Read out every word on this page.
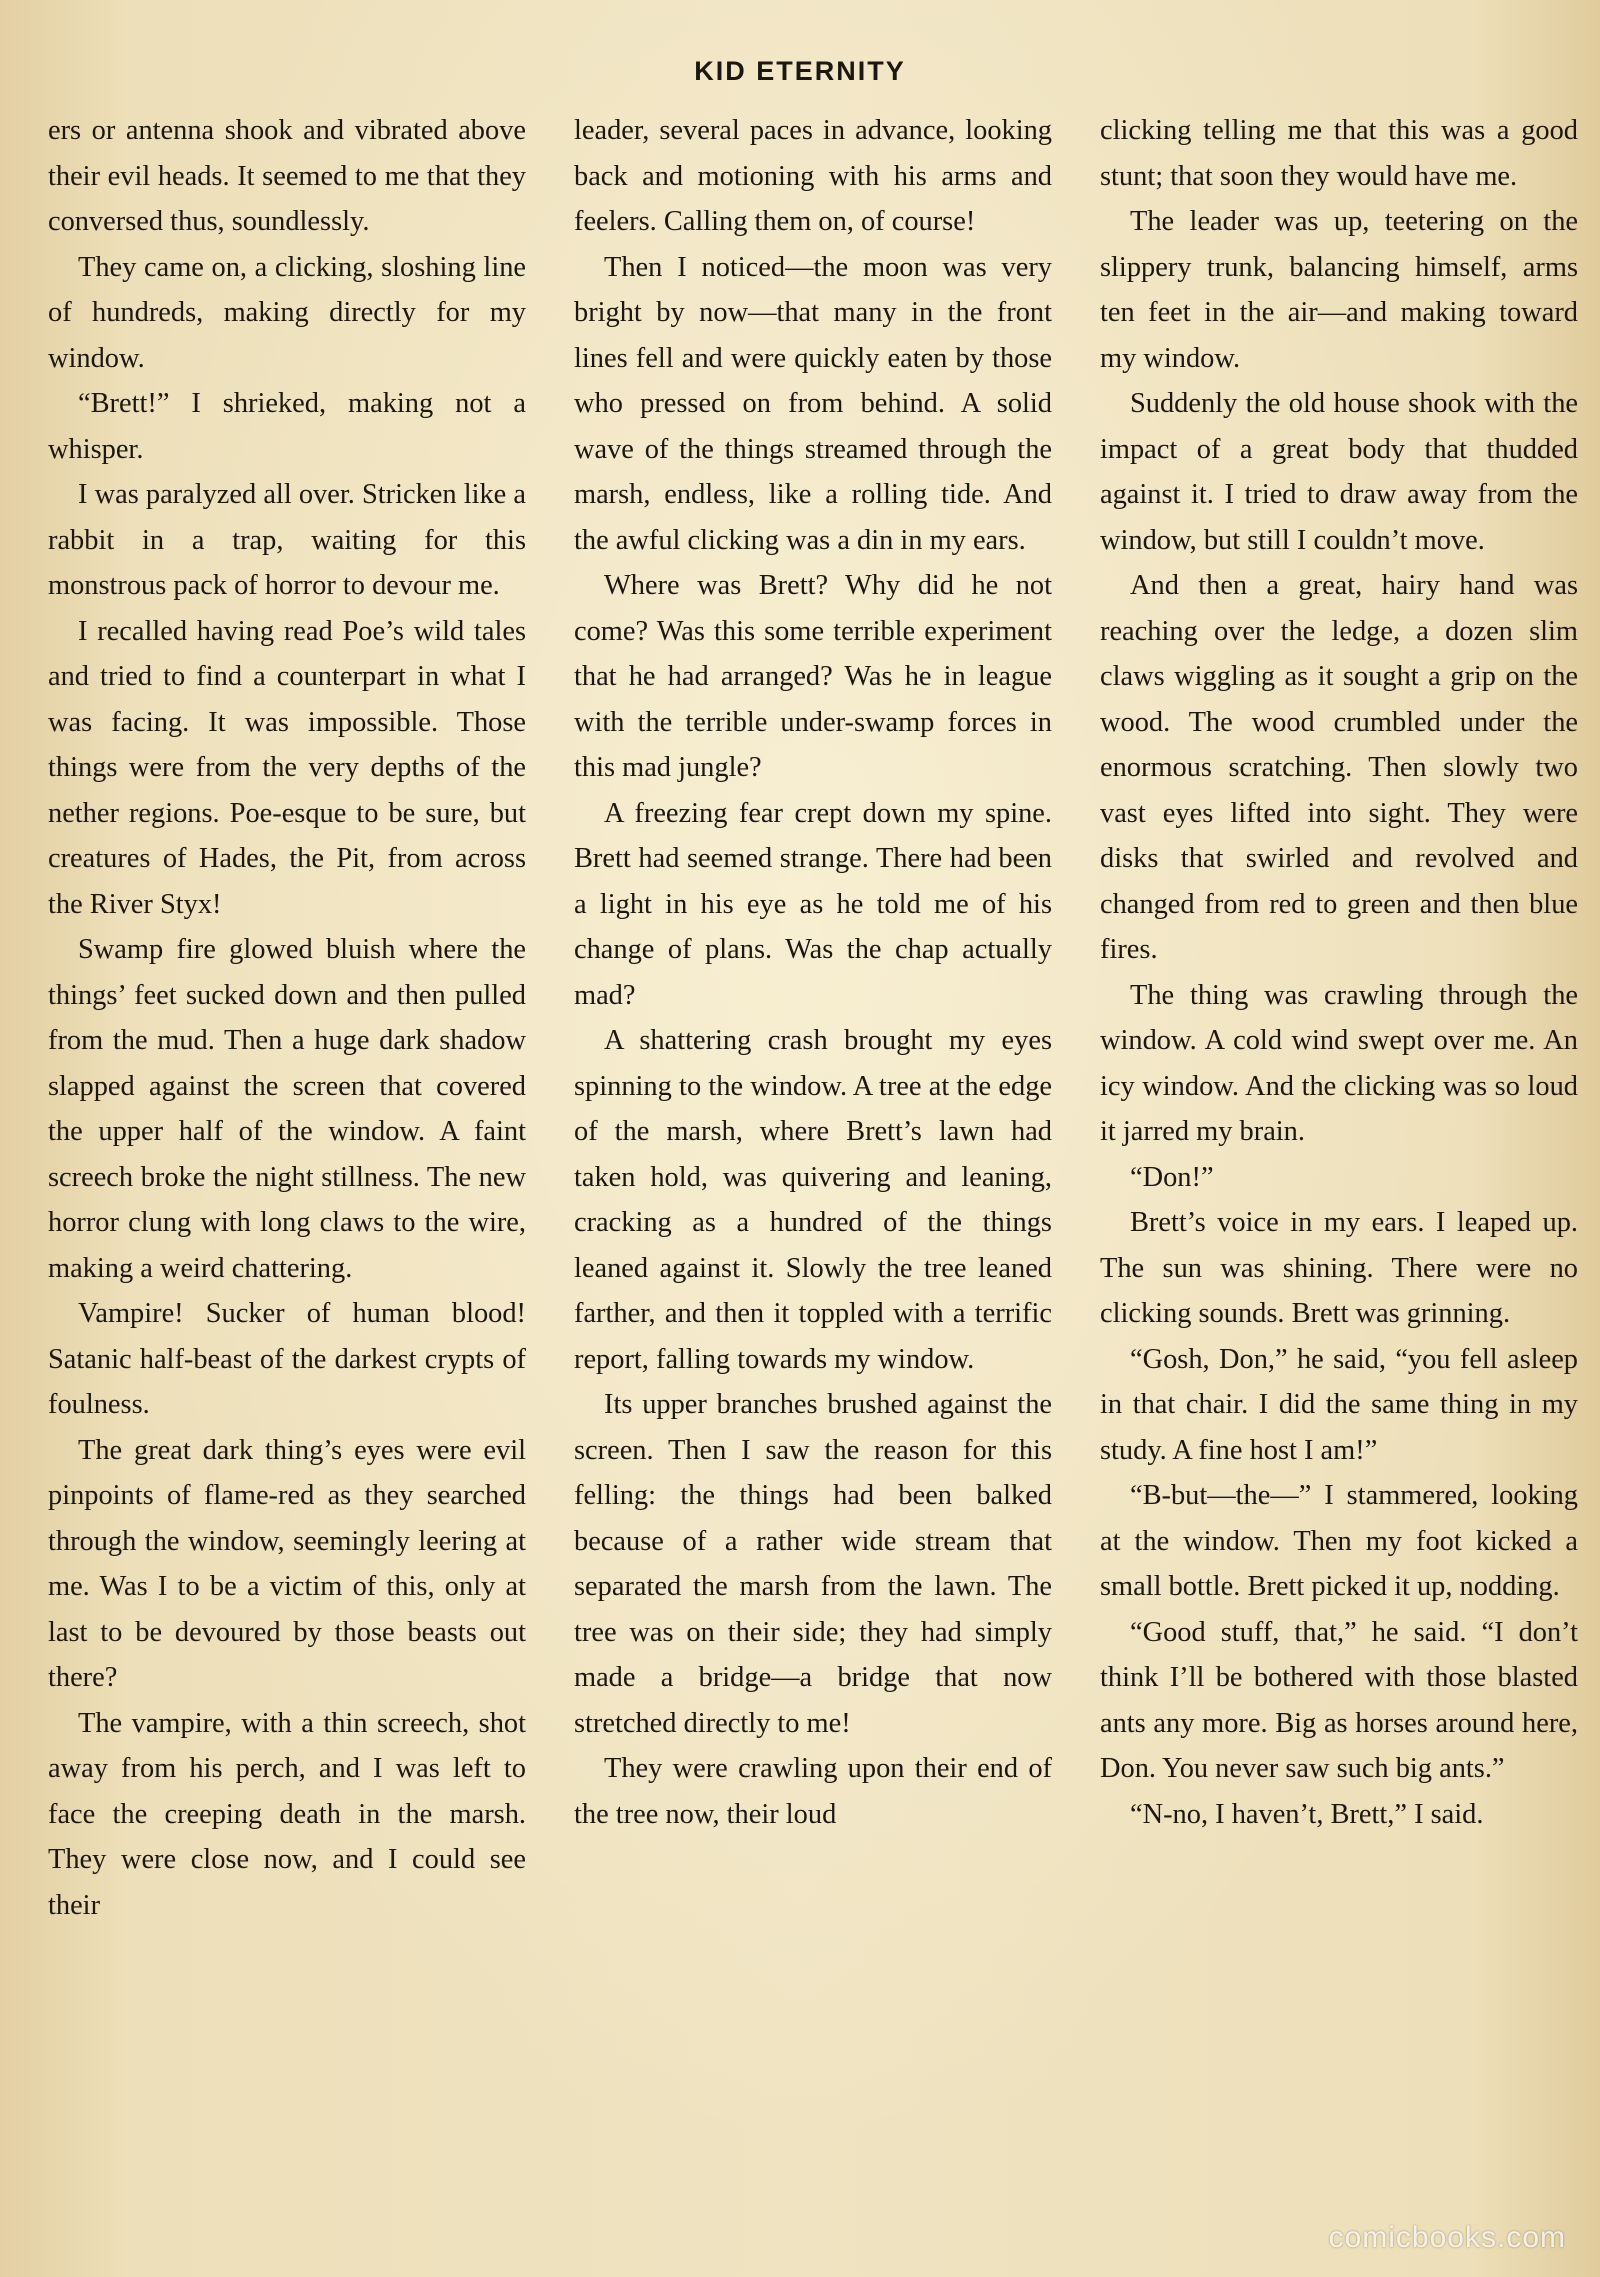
KID ETERNITY

ers or antenna shook and vibrated above their evil heads. It seemed to me that they conversed thus, soundlessly.

They came on, a clicking, sloshing line of hundreds, making directly for my window.

“Brett!” I shrieked, making not a whisper.

I was paralyzed all over. Stricken like a rabbit in a trap, waiting for this monstrous pack of horror to devour me.

I recalled having read Poe’s wild tales and tried to find a counterpart in what I was facing. It was impossible. Those things were from the very depths of the nether regions. Poe-esque to be sure, but creatures of Hades, the Pit, from across the River Styx!

Swamp fire glowed bluish where the things’ feet sucked down and then pulled from the mud. Then a huge dark shadow slapped against the screen that covered the upper half of the window. A faint screech broke the night stillness. The new horror clung with long claws to the wire, making a weird chattering.

Vampire! Sucker of human blood! Satanic half-beast of the darkest crypts of foulness.

The great dark thing’s eyes were evil pinpoints of flame-red as they searched through the window, seemingly leering at me. Was I to be a victim of this, only at last to be devoured by those beasts out there?

The vampire, with a thin screech, shot away from his perch, and I was left to face the creeping death in the marsh. They were close now, and I could see their

leader, several paces in advance, looking back and motioning with his arms and feelers. Calling them on, of course!

Then I noticed—the moon was very bright by now—that many in the front lines fell and were quickly eaten by those who pressed on from behind. A solid wave of the things streamed through the marsh, endless, like a rolling tide. And the awful clicking was a din in my ears.

Where was Brett? Why did he not come? Was this some terrible experiment that he had arranged? Was he in league with the terrible under-swamp forces in this mad jungle?

A freezing fear crept down my spine. Brett had seemed strange. There had been a light in his eye as he told me of his change of plans. Was the chap actually mad?

A shattering crash brought my eyes spinning to the window. A tree at the edge of the marsh, where Brett’s lawn had taken hold, was quivering and leaning, cracking as a hundred of the things leaned against it. Slowly the tree leaned farther, and then it toppled with a terrific report, falling towards my window.

Its upper branches brushed against the screen. Then I saw the reason for this felling: the things had been balked because of a rather wide stream that separated the marsh from the lawn. The tree was on their side; they had simply made a bridge—a bridge that now stretched directly to me!

They were crawling upon their end of the tree now, their loud

clicking telling me that this was a good stunt; that soon they would have me.

The leader was up, teetering on the slippery trunk, balancing himself, arms ten feet in the air—and making toward my window.

Suddenly the old house shook with the impact of a great body that thudded against it. I tried to draw away from the window, but still I couldn’t move.

And then a great, hairy hand was reaching over the ledge, a dozen slim claws wiggling as it sought a grip on the wood. The wood crumbled under the enormous scratching. Then slowly two vast eyes lifted into sight. They were disks that swirled and revolved and changed from red to green and then blue fires.

The thing was crawling through the window. A cold wind swept over me. An icy window. And the clicking was so loud it jarred my brain.

“Don!”

Brett’s voice in my ears. I leaped up. The sun was shining. There were no clicking sounds. Brett was grinning.

“Gosh, Don,” he said, “you fell asleep in that chair. I did the same thing in my study. A fine host I am!”

“B-but—the—” I stammered, looking at the window. Then my foot kicked a small bottle. Brett picked it up, nodding.

“Good stuff, that,” he said. “I don’t think I’ll be bothered with those blasted ants any more. Big as horses around here, Don. You never saw such big ants.”

“N-no, I haven’t, Brett,” I said.

comicbooks.com
